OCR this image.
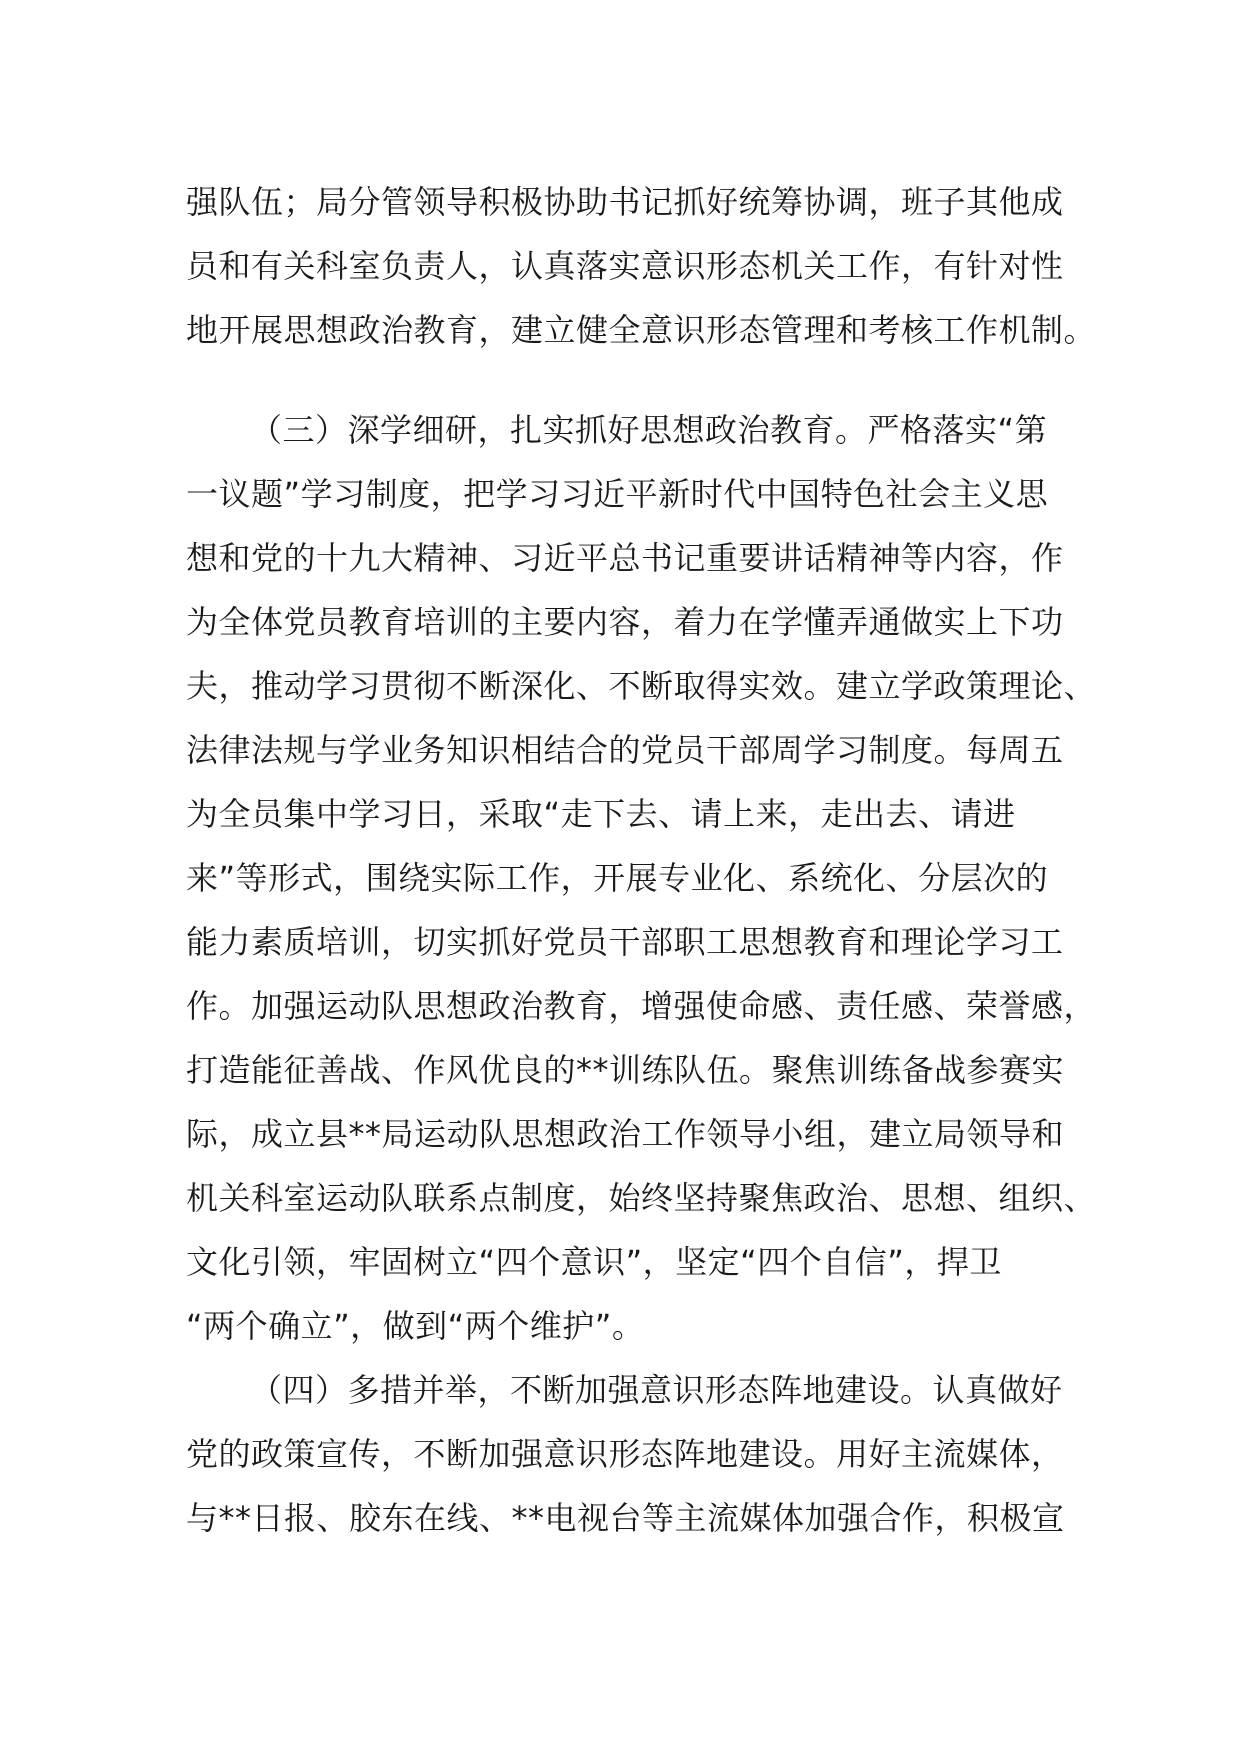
强队伍；局分管领导积极协助书记抓好统筹协调，班子其他成
员和有关科室负责人，认真落实意识形态机关工作，有针对性
地开展思想政治教育，建立健全意识形态管理和考核工作机制。
（三）深学细研，扎实抓好思想政治教育。严格落实“第
一议题”学习制度，把学习习近平新时代中国特色社会主义思
想和党的十九大精神、习近平总书记重要讲话精神等内容，作
为全体党员教育培训的主要内容，着力在学懂弄通做实上下功
夫，推动学习贯彻不断深化、不断取得实效。建立学政策理论、
法律法规与学业务知识相结合的党员干部周学习制度。每周五
为全员集中学习日，采取“走下去、请上来，走出去、请进
来”等形式，围绕实际工作，开展专业化、系统化、分层次的
能力素质培训，切实抓好党员干部职工思想教育和理论学习工
作。加强运动队思想政治教育，增强使命感、责任感、荣誉感，
打造能征善战、作风优良的**训练队伍。聚焦训练备战参赛实
际，成立县**局运动队思想政治工作领导小组，建立局领导和
机关科室运动队联系点制度，始终坚持聚焦政治、思想、组织、
文化引领，牢固树立“四个意识”，坚定“四个自信”，捍卫
“两个确立”，做到“两个维护”。
（四）多措并举，不断加强意识形态阵地建设。认真做好
党的政策宣传，不断加强意识形态阵地建设。用好主流媒体，
与**日报、胶东在线、**电视台等主流媒体加强合作，积极宣
